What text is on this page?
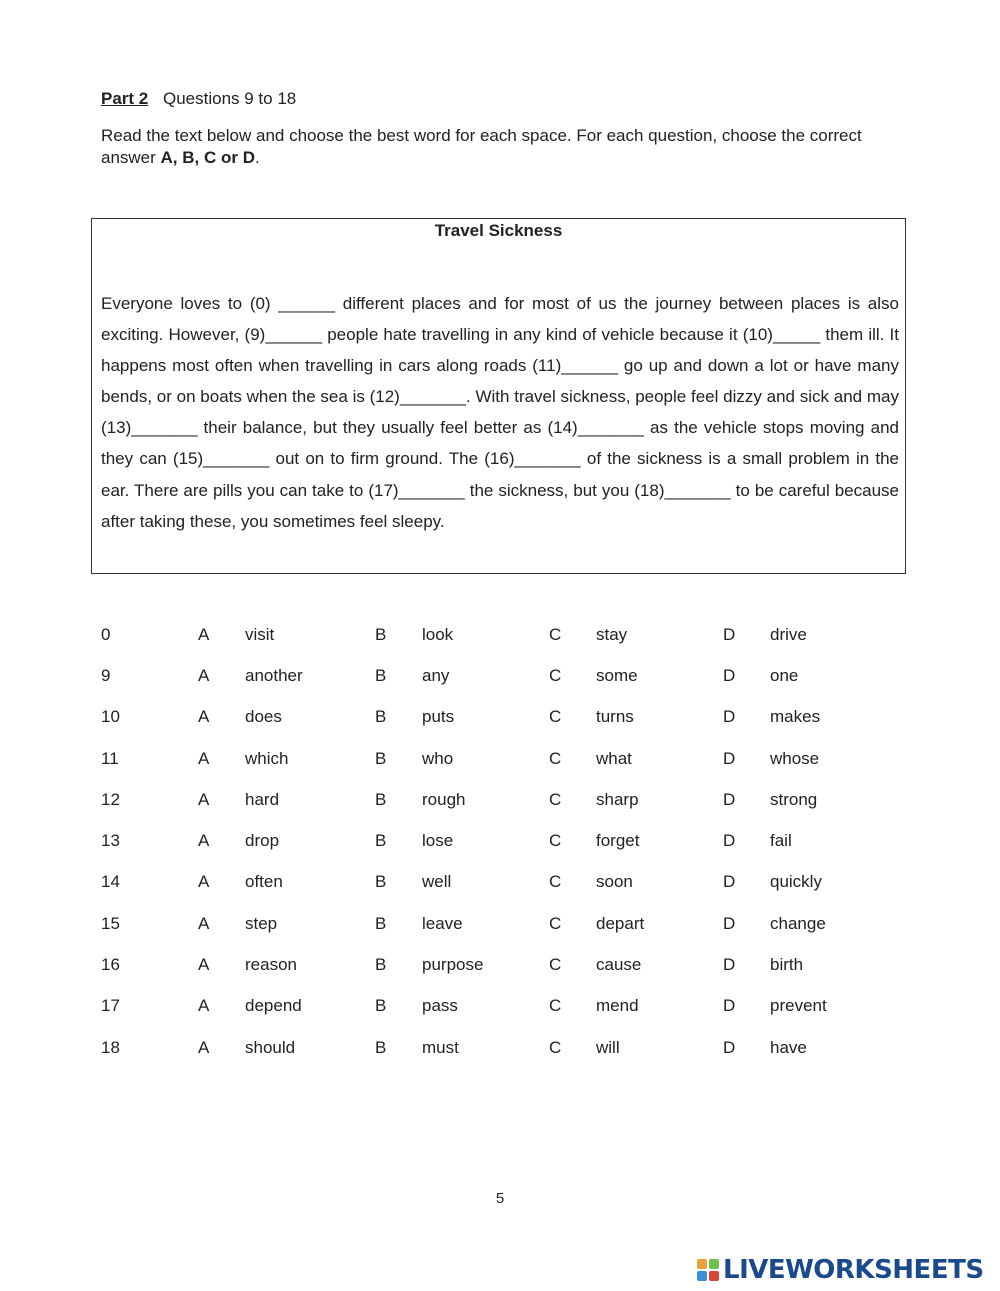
Part 2 Questions 9 to 18
Read the text below and choose the best word for each space. For each question, choose the correct answer A, B, C or D.
Travel Sickness

Everyone loves to (0) ______ different places and for most of us the journey between places is also exciting. However, (9)______ people hate travelling in any kind of vehicle because it (10)_____ them ill. It happens most often when travelling in cars along roads (11)______ go up and down a lot or have many bends, or on boats when the sea is (12)_______. With travel sickness, people feel dizzy and sick and may (13)_______ their balance, but they usually feel better as (14)_______ as the vehicle stops moving and they can (15)_______ out on to firm ground. The (16)_______ of the sickness is a small problem in the ear. There are pills you can take to (17)_______ the sickness, but you (18)_______ to be careful because after taking these, you sometimes feel sleepy.

0	A	visit	B	look	C	stay	D	drive
9	A	another	B	any	C	some	D	one
10	A	does	B	puts	C	turns	D	makes
11	A	which	B	who	C	what	D	whose
12	A	hard	B	rough	C	sharp	D	strong
13	A	drop	B	lose	C	forget	D	fail
14	A	often	B	well	C	soon	D	quickly
15	A	step	B	leave	C	depart	D	change
16	A	reason	B	purpose	C	cause	D	birth
17	A	depend	B	pass	C	mend	D	prevent
18	A	should	B	must	C	will	D	have
5
LIVEWORKSHEETS
